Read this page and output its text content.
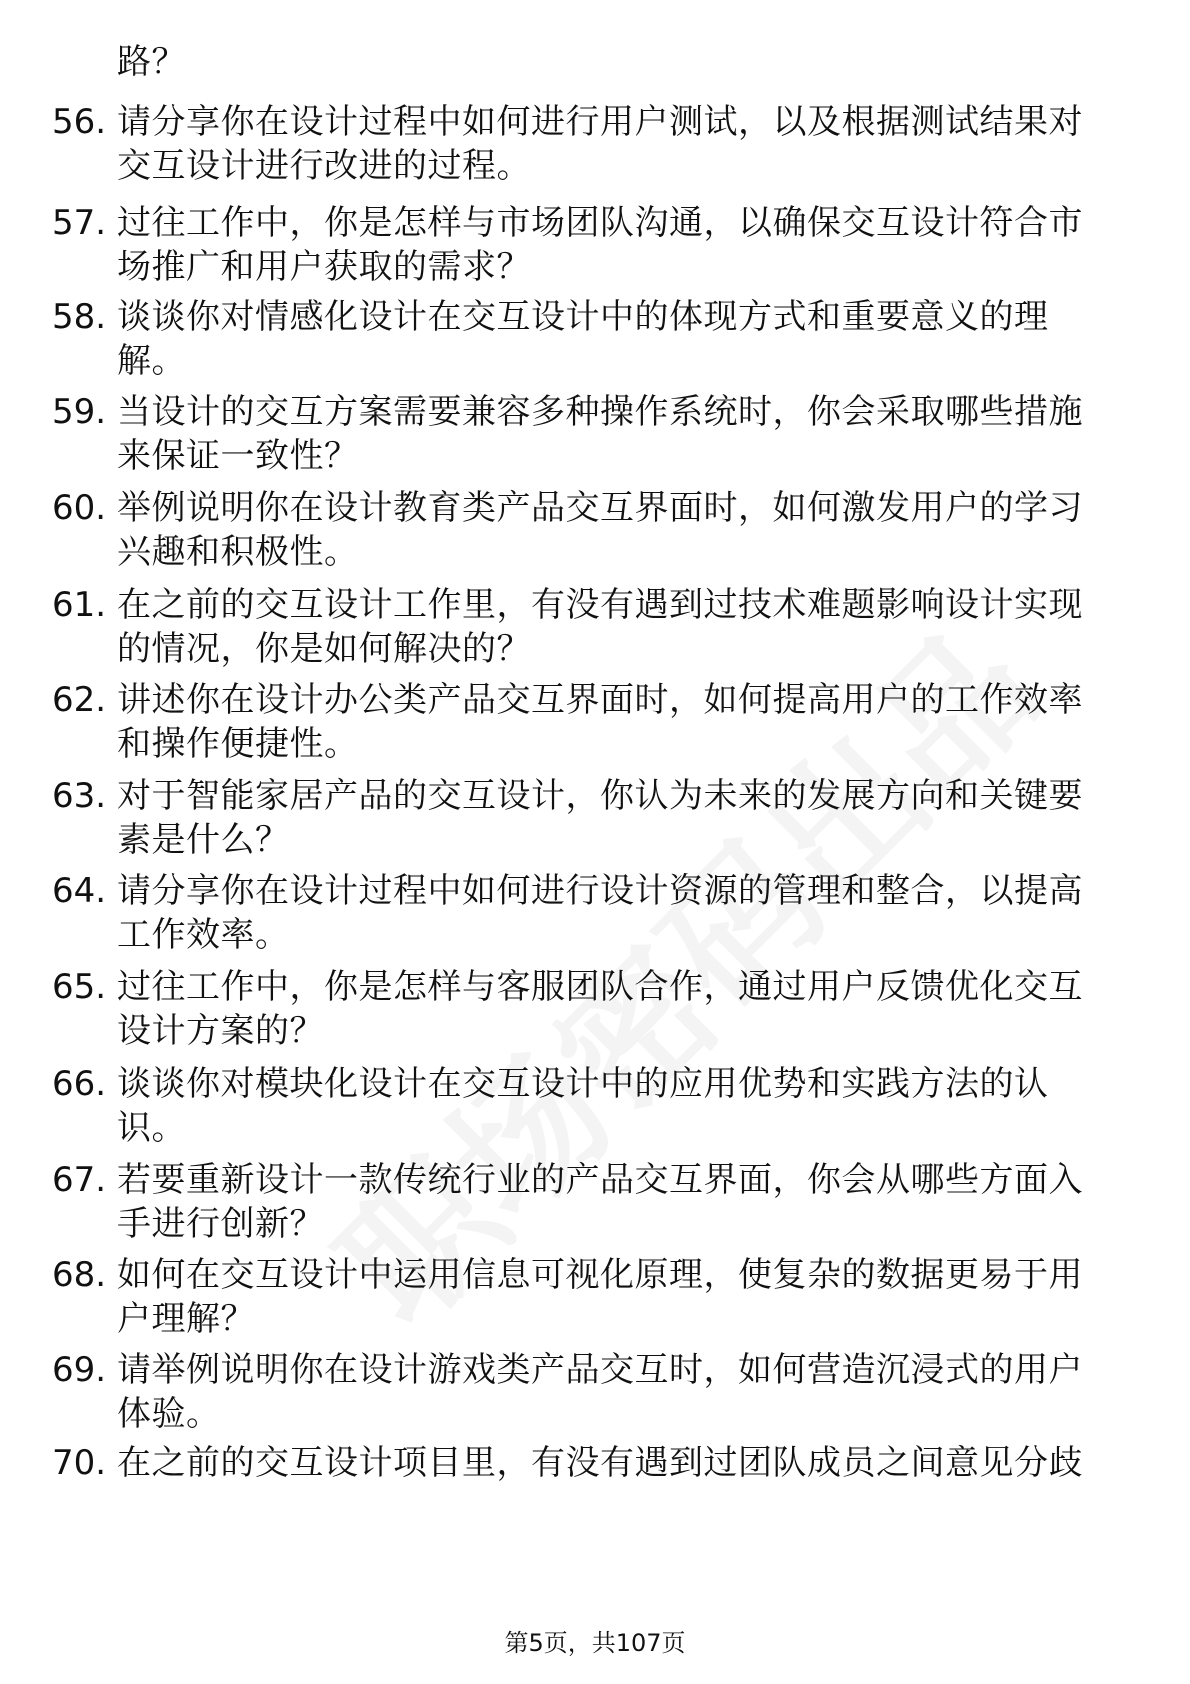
路？
56. 请分享你在设计过程中如何进行用户测试，以及根据测试结果对
交互设计进行改进的过程。
57. 过往工作中，你是怎样与市场团队沟通，以确保交互设计符合市
场推广和用户获取的需求？
58. 谈谈你对情感化设计在交互设计中的体现方式和重要意义的理
解。
59. 当设计的交互方案需要兼容多种操作系统时，你会采取哪些措施
来保证一致性？
60. 举例说明你在设计教育类产品交互界面时，如何激发用户的学习
兴趣和积极性。
61. 在之前的交互设计工作里，有没有遇到过技术难题影响设计实现
的情况，你是如何解决的？
62. 讲述你在设计办公类产品交互界面时，如何提高用户的工作效率
和操作便捷性。
63. 对于智能家居产品的交互设计，你认为未来的发展方向和关键要
素是什么？
64. 请分享你在设计过程中如何进行设计资源的管理和整合，以提高
工作效率。
65. 过往工作中，你是怎样与客服团队合作，通过用户反馈优化交互
设计方案的？
66. 谈谈你对模块化设计在交互设计中的应用优势和实践方法的认
识。
67. 若要重新设计一款传统行业的产品交互界面，你会从哪些方面入
手进行创新？
68. 如何在交互设计中运用信息可视化原理，使复杂的数据更易于用
户理解？
69. 请举例说明你在设计游戏类产品交互时，如何营造沉浸式的用户
体验。
70. 在之前的交互设计项目里，有没有遇到过团队成员之间意见分歧
第5页，共107页
